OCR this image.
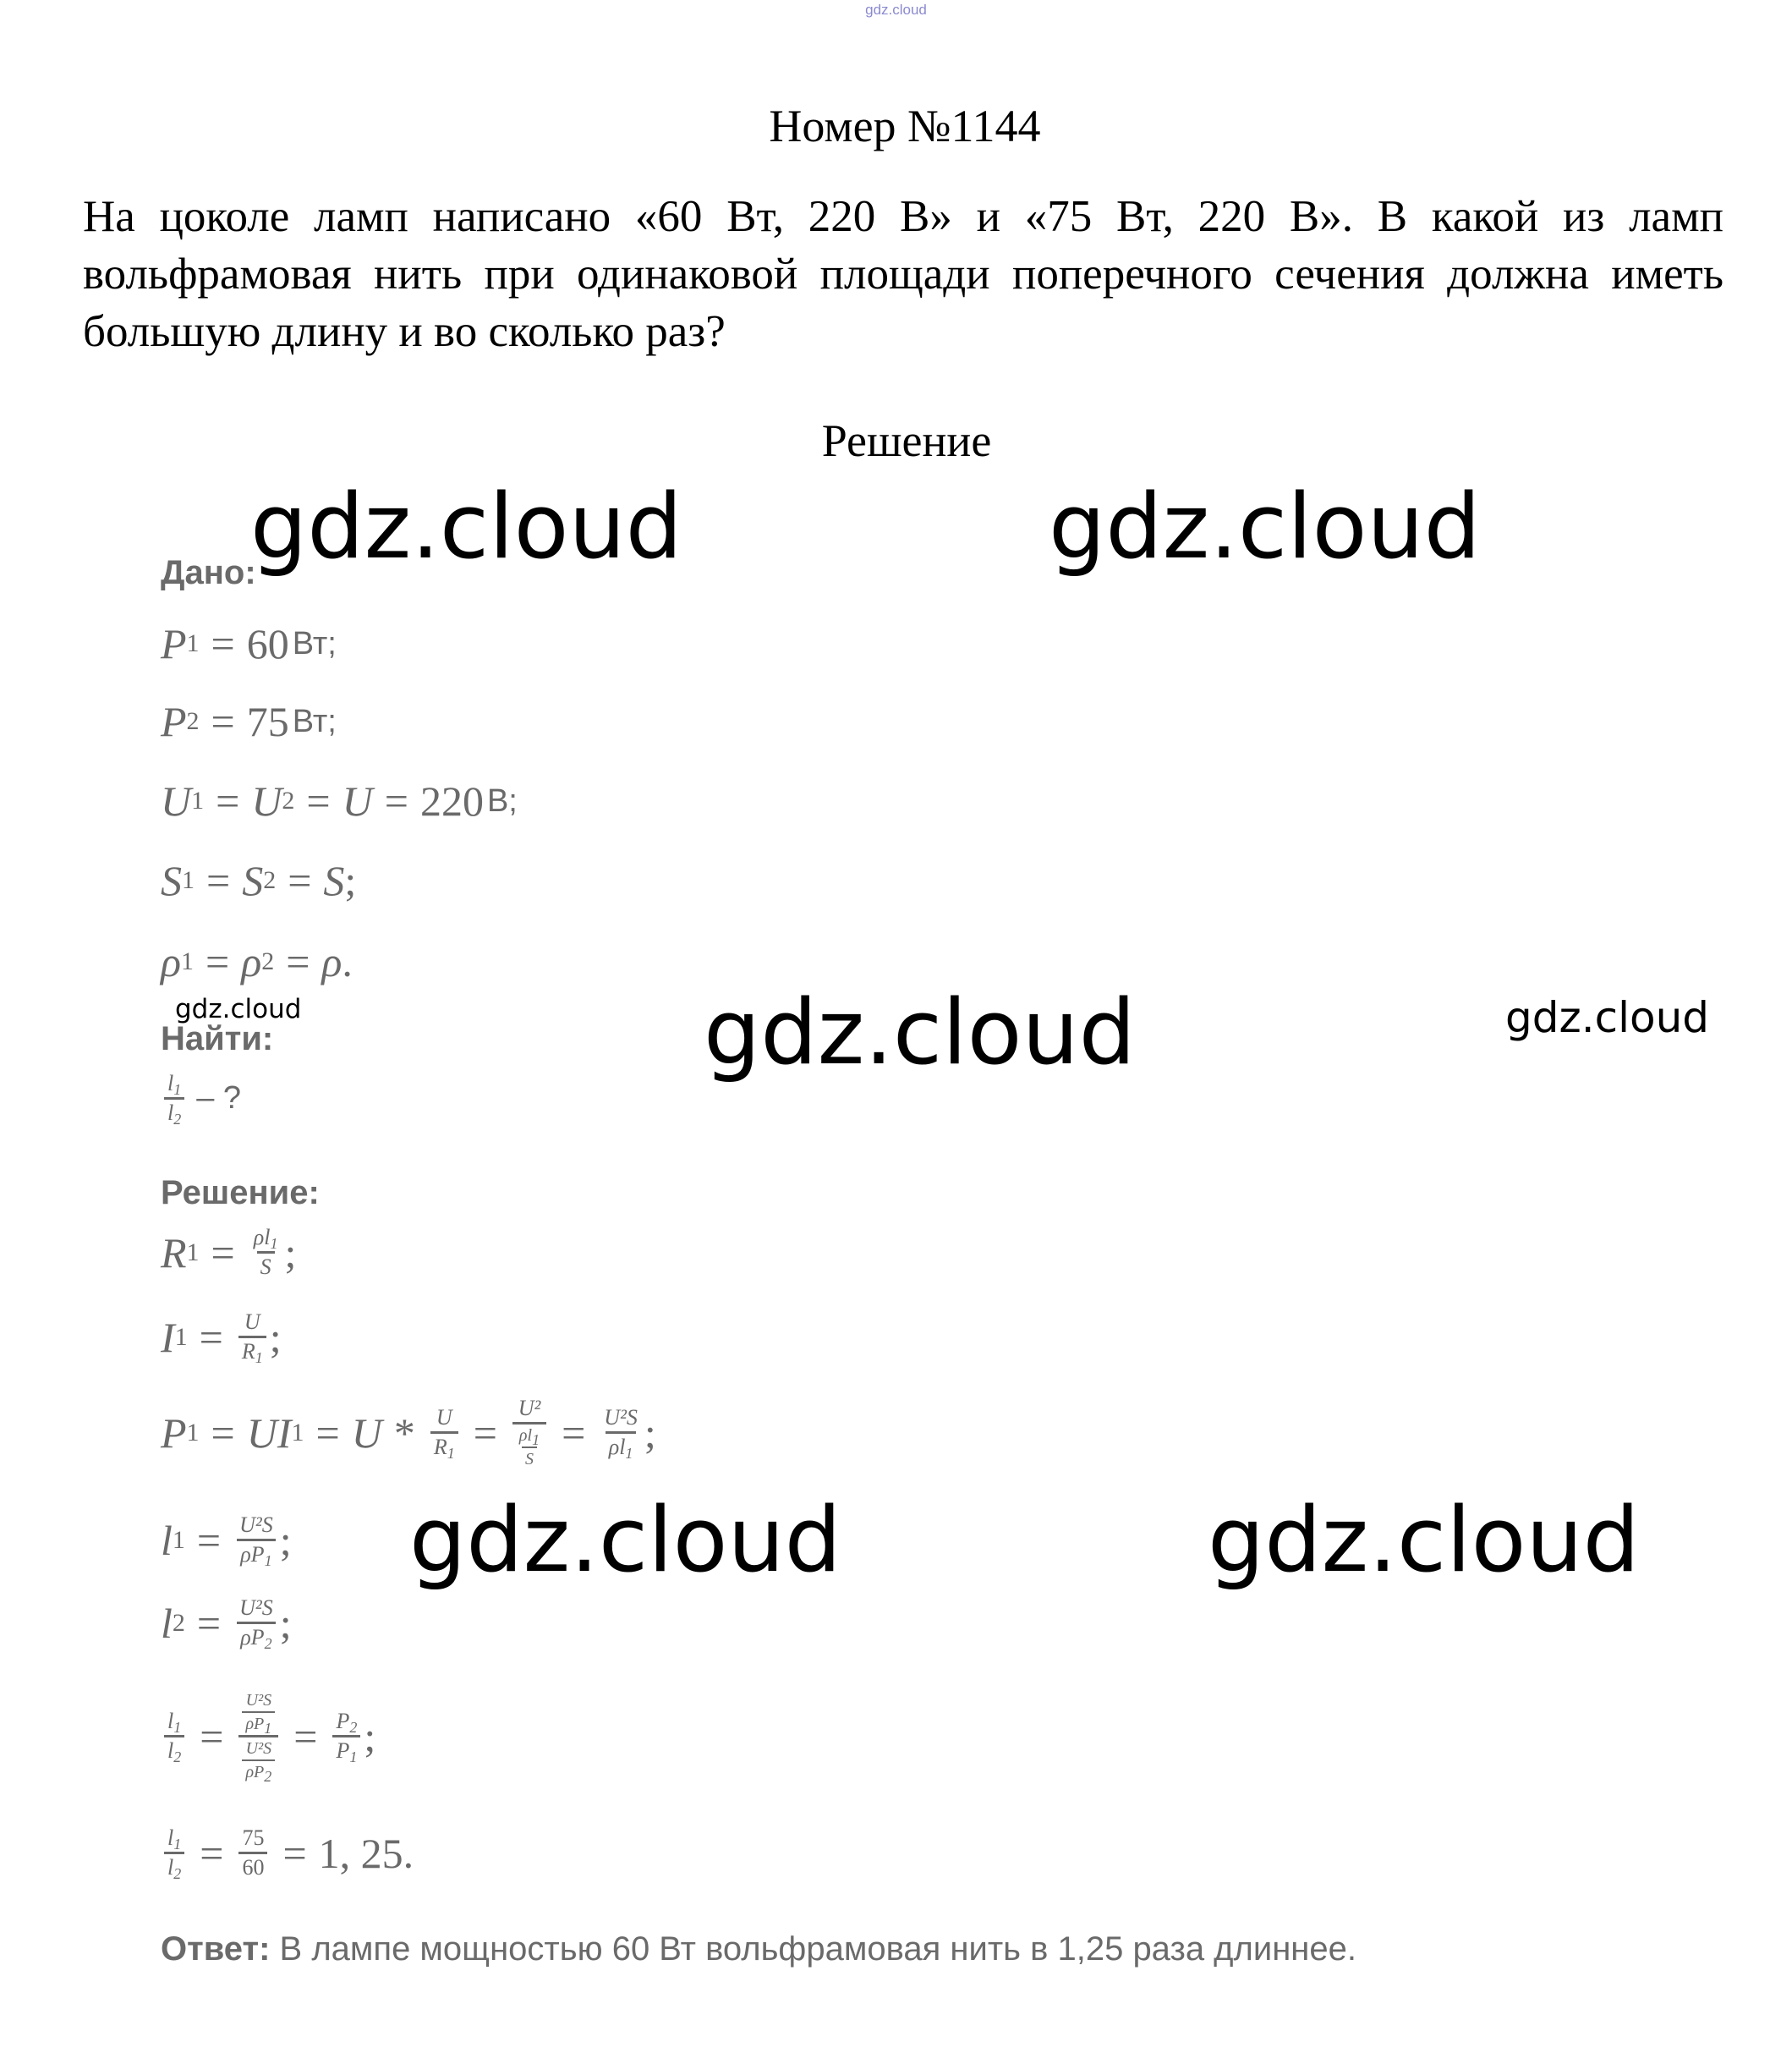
gdz.cloud
Номер №1144
На цоколе ламп написано «60 Вт, 220 В» и «75 Вт, 220 В». В какой из ламп вольфрамовая нить при одинаковой площади поперечного сечения должна иметь большую длину и во сколько раз?
Решение
Дано:
P 1 = 60 Вт;
P 2 = 75 Вт;
U 1 = U 2 = U = 220 В;
S 1 = S 2 = S ;
ρ 1 = ρ 2 = ρ .
Найти:
$\frac{l_1}{l_2}$ – ?
Решение:
R $1 = \frac{\rho l_1}{S}$ ;
I $1 = \frac{U}{R_1}$ ;
P 1 = UI $1 = U * \frac{U}{R_1} = \frac{\text{U²}}{\frac{\rho l_1}{S}} = \frac{\text{U²S}}{\rho l_1}$ ;
l $1 = \frac{\text{U²S}}{\rho P_1}$ ;
l $2 = \frac{\text{U²S}}{\rho P_2}$ ;
$\frac{l_1}{l_2} = \frac{\frac{\text{U²S}}{\rho P_1}}{\frac{\text{U²S}}{\rho P_2}} = \frac{P_2}{P_1}$ ;
$\frac{l_1}{l_2} = \frac{75}{60} = 1$, 25.
Ответ: В лампе мощностью 60 Вт вольфрамовая нить в 1,25 раза длиннее.
gdz.cloud	gdz.cloud
gdz.cloud	gdz.cloud	gdz.cloud
gdz.cloud	gdz.cloud
